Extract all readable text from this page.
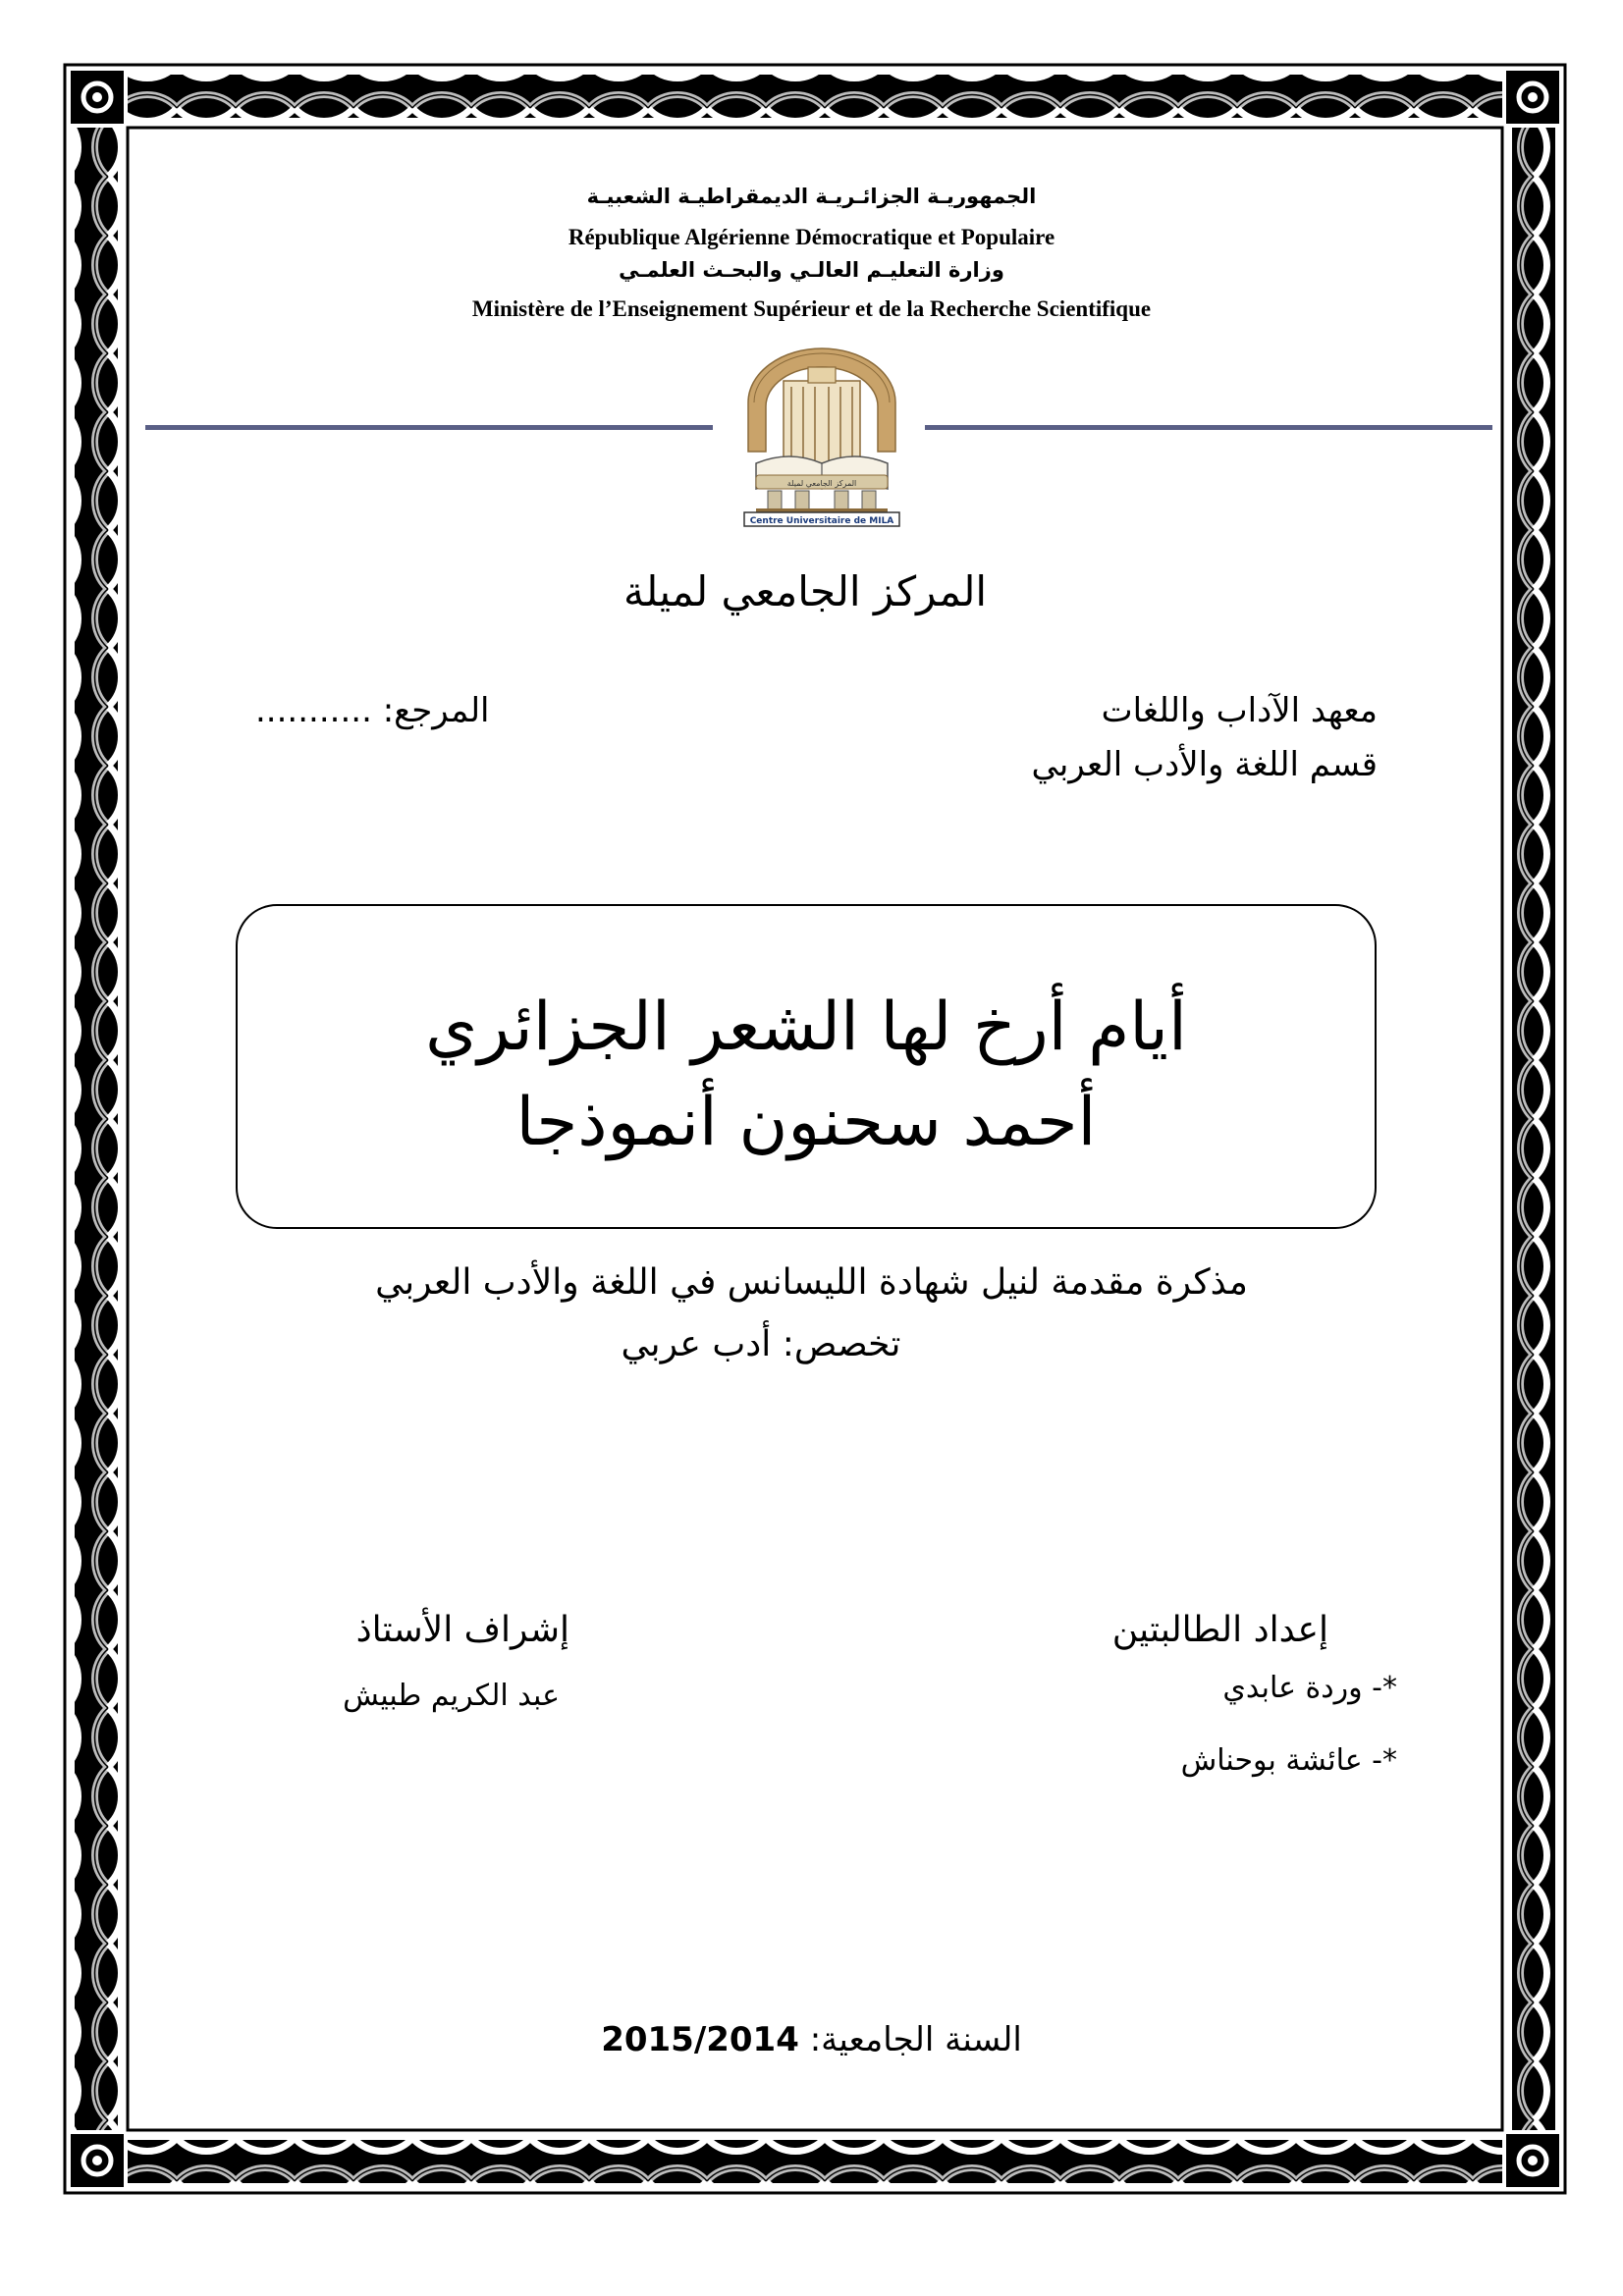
الجمهوريـة الجزائـريـة الديمقراطيـة الشعبيـة
République Algérienne Démocratique et Populaire
وزارة التعليـم العالـي والبحـث العلمـي
Ministère de l’Enseignement Supérieur et de la Recherche Scientifique
المركز الجامعي لميلة
Centre Universitaire de MILA
المركز الجامعي لميلة
معهد الآداب واللغات
قسم اللغة والأدب العربي
المرجع: ...........
أيام أرخ لها الشعر الجزائري
أحمد سحنون أنموذجا
مذكرة مقدمة لنيل شهادة الليسانس في اللغة والأدب العربي
تخصص: أدب عربي
إعداد الطالبتين
*- وردة عابدي
*- عائشة بوحناش
إشراف الأستاذ
عبد الكريم طبيش
السنة الجامعية: 2015/2014
